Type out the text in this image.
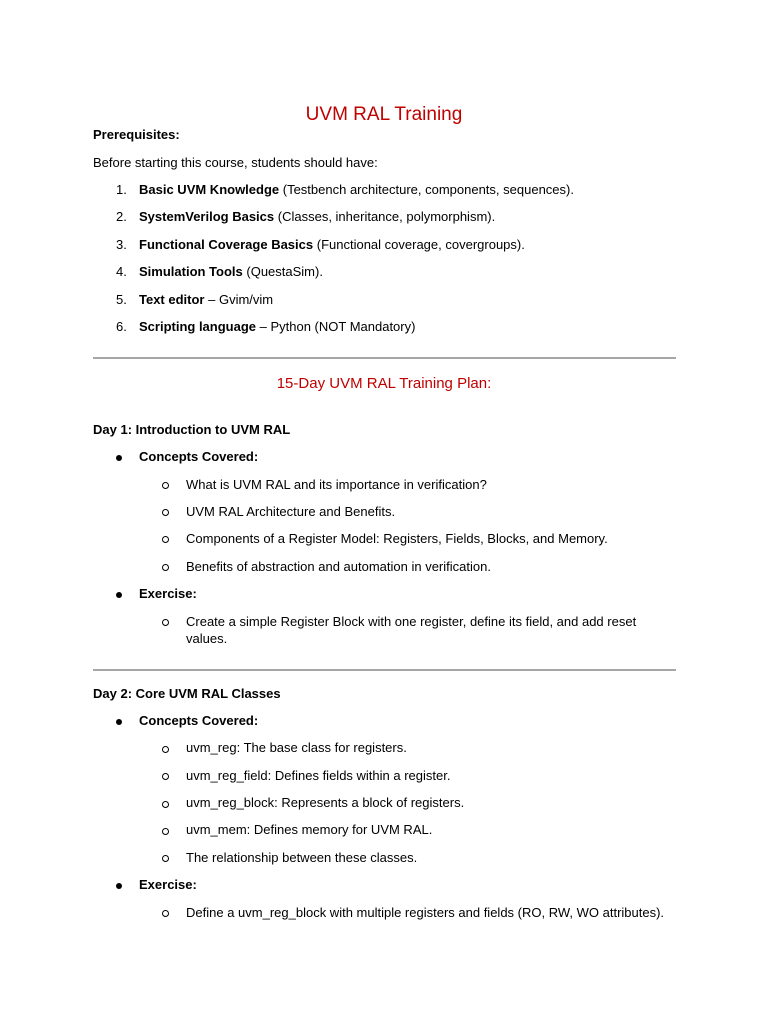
UVM RAL Training
Prerequisites:
Before starting this course, students should have:
1. Basic UVM Knowledge (Testbench architecture, components, sequences).
2. SystemVerilog Basics (Classes, inheritance, polymorphism).
3. Functional Coverage Basics (Functional coverage, covergroups).
4. Simulation Tools (QuestaSim).
5. Text editor – Gvim/vim
6. Scripting language – Python (NOT Mandatory)
15-Day UVM RAL Training Plan:
Day 1: Introduction to UVM RAL
Concepts Covered:
What is UVM RAL and its importance in verification?
UVM RAL Architecture and Benefits.
Components of a Register Model: Registers, Fields, Blocks, and Memory.
Benefits of abstraction and automation in verification.
Exercise:
Create a simple Register Block with one register, define its field, and add reset
values.
Day 2: Core UVM RAL Classes
Concepts Covered:
uvm_reg: The base class for registers.
uvm_reg_field: Defines fields within a register.
uvm_reg_block: Represents a block of registers.
uvm_mem: Defines memory for UVM RAL.
The relationship between these classes.
Exercise:
Define a uvm_reg_block with multiple registers and fields (RO, RW, WO attributes).
